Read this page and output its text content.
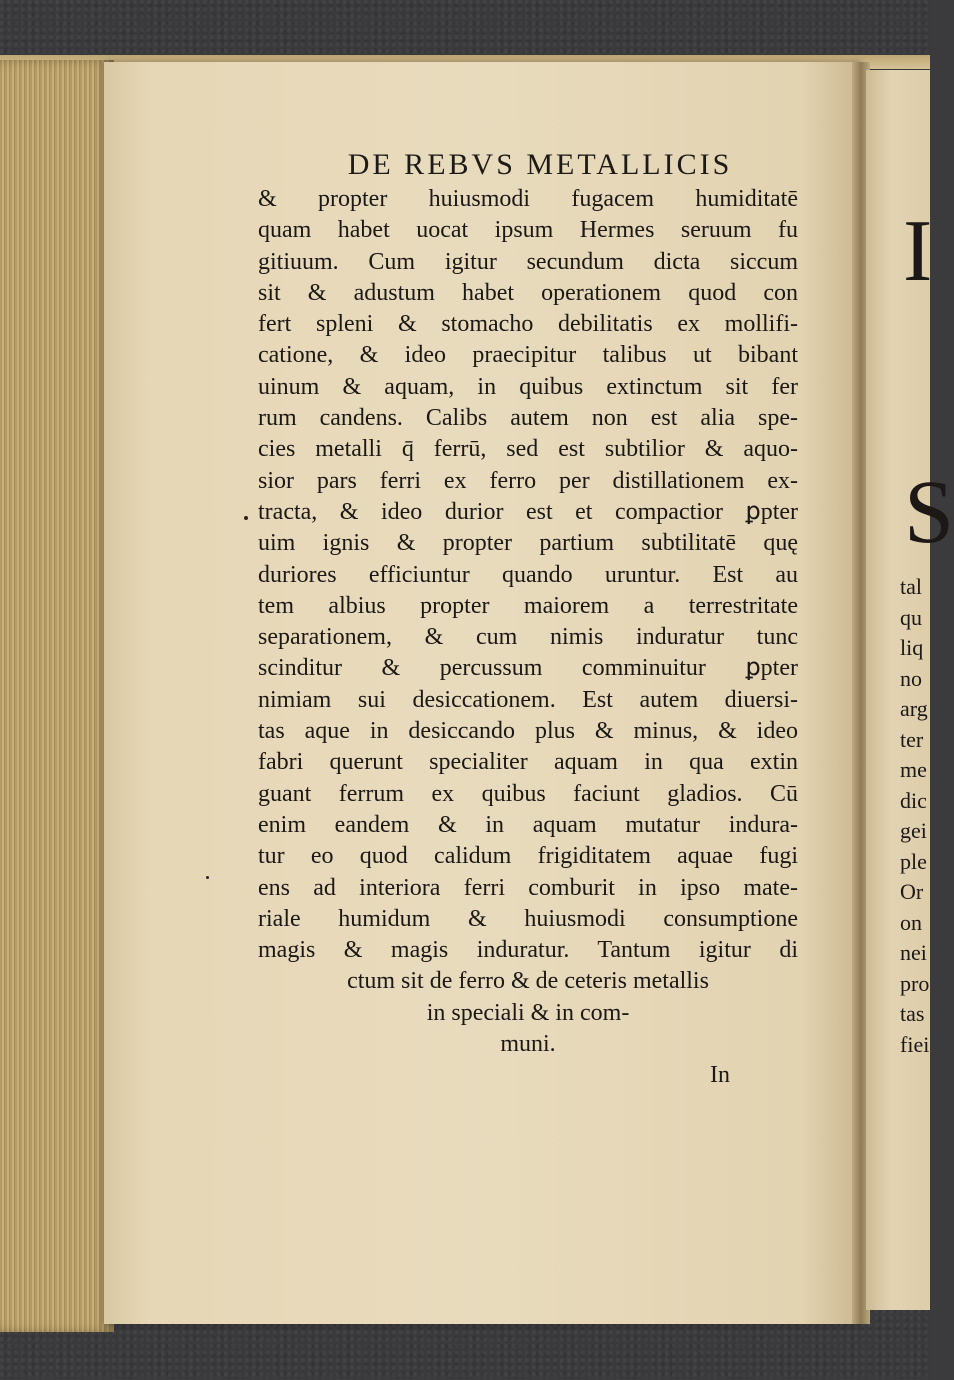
DE REBVS METALLICIS
& propter huiusmodi fugacem humiditatē
quam habet uocat ipsum Hermes seruum fu
gitiuum. Cum igitur secundum dicta siccum
sit & adustum habet operationem quod con
fert spleni & stomacho debilitatis ex mollifi-
catione, & ideo praecipitur talibus ut bibant
uinum & aquam, in quibus extinctum sit fer
rum candens. Calibs autem non est alia spe-
cies metalli q̄ ferrū, sed est subtilior & aquo-
sior pars ferri ex ferro per distillationem ex-
tracta, & ideo durior est et compactior ꝑpter
uim ignis & propter partium subtilitatē quę
duriores efficiuntur quando uruntur. Est au
tem albius propter maiorem a terrestritate
separationem, & cum nimis induratur tunc
scinditur & percussum comminuitur ꝑpter
nimiam sui desiccationem. Est autem diuersi-
tas aque in desiccando plus & minus, & ideo
fabri querunt specialiter aquam in qua extin
guant ferrum ex quibus faciunt gladios. Cū
enim eandem & in aquam mutatur indura-
tur eo quod calidum frigiditatem aquae fugi
ens ad interiora ferri comburit in ipso mate-
riale humidum & huiusmodi consumptione
magis & magis induratur. Tantum igitur di
ctum sit de ferro & de ceteris metallis
in speciali & in com-
muni.
In
I
S
tal
qu
liq
no
arg
ter
me
dic
gei
ple
Or
on
nei
pro
tas
fiei
